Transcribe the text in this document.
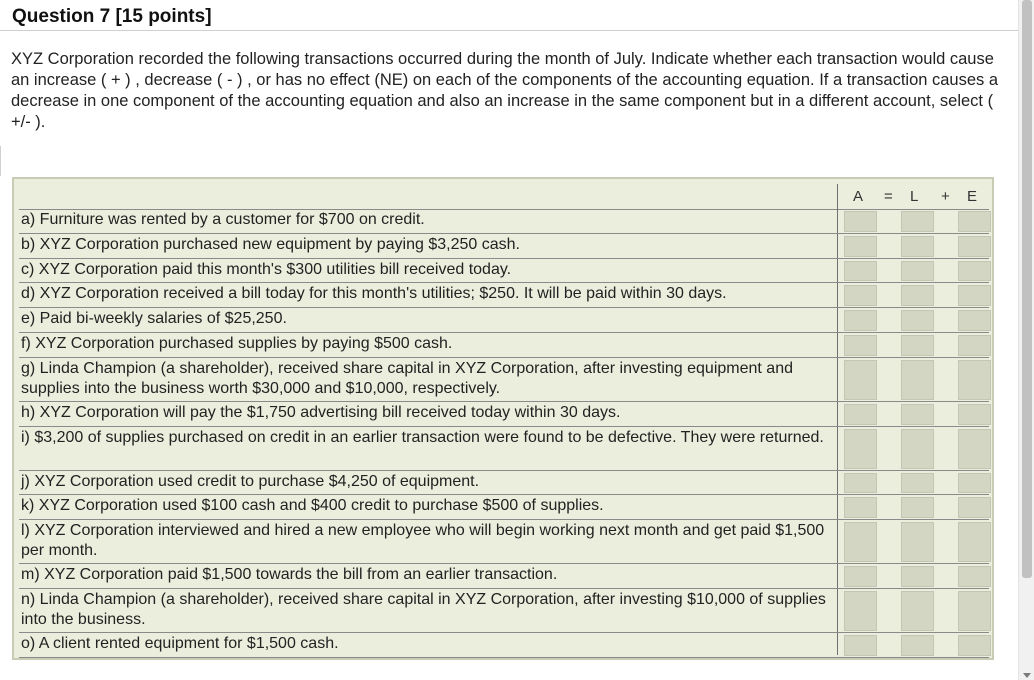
Question 7 [15 points]
XYZ Corporation recorded the following transactions occurred during the month of July. Indicate whether each transaction would cause an increase ( + ) , decrease ( - ) , or has no effect (NE) on each of the components of the accounting equation. If a transaction causes a decrease in one component of the accounting equation and also an increase in the same component but in a different account, select ( +/- ).
A = L + E
a) Furniture was rented by a customer for $700 on credit.
b) XYZ Corporation purchased new equipment by paying $3,250 cash.
c) XYZ Corporation paid this month's $300 utilities bill received today.
d) XYZ Corporation received a bill today for this month's utilities; $250. It will be paid within 30 days.
e) Paid bi-weekly salaries of $25,250.
f) XYZ Corporation purchased supplies by paying $500 cash.
g) Linda Champion (a shareholder), received share capital in XYZ Corporation, after investing equipment and supplies into the business worth $30,000 and $10,000, respectively.
h) XYZ Corporation will pay the $1,750 advertising bill received today within 30 days.
i) $3,200 of supplies purchased on credit in an earlier transaction were found to be defective. They were returned.
j) XYZ Corporation used credit to purchase $4,250 of equipment.
k) XYZ Corporation used $100 cash and $400 credit to purchase $500 of supplies.
l) XYZ Corporation interviewed and hired a new employee who will begin working next month and get paid $1,500 per month.
m) XYZ Corporation paid $1,500 towards the bill from an earlier transaction.
n) Linda Champion (a shareholder), received share capital in XYZ Corporation, after investing $10,000 of supplies into the business.
o) A client rented equipment for $1,500 cash.
